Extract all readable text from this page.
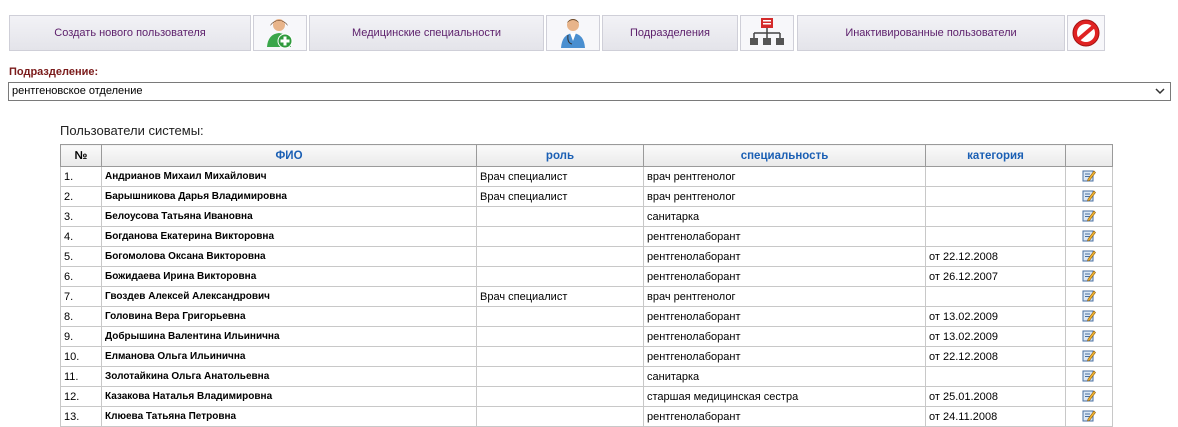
Создать нового пользователя	Медицинские специальности	Подразделения	Инактивированные пользователи
Подразделение:
рентгеновское отделение
Пользователи системы:
№	ФИО	роль	специальность	категория	
1.	Андрианов Михаил Михайлович	Врач специалист	врач рентгенолог		
2.	Барышникова Дарья Владимировна	Врач специалист	врач рентгенолог		
3.	Белоусова Татьяна Ивановна		санитарка		
4.	Богданова Екатерина Викторовна		рентгенолаборант		
5.	Богомолова Оксана Викторовна		рентгенолаборант	от 22.12.2008	
6.	Божидаева Ирина Викторовна		рентгенолаборант	от 26.12.2007	
7.	Гвоздев Алексей Александрович	Врач специалист	врач рентгенолог		
8.	Головина Вера Григорьевна		рентгенолаборант	от 13.02.2009	
9.	Добрышина Валентина Ильинична		рентгенолаборант	от 13.02.2009	
10.	Елманова Ольга Ильинична		рентгенолаборант	от 22.12.2008	
11.	Золотайкина Ольга Анатольевна		санитарка		
12.	Казакова Наталья Владимировна		старшая медицинская сестра	от 25.01.2008	
13.	Клюева Татьяна Петровна		рентгенолаборант	от 24.11.2008	
